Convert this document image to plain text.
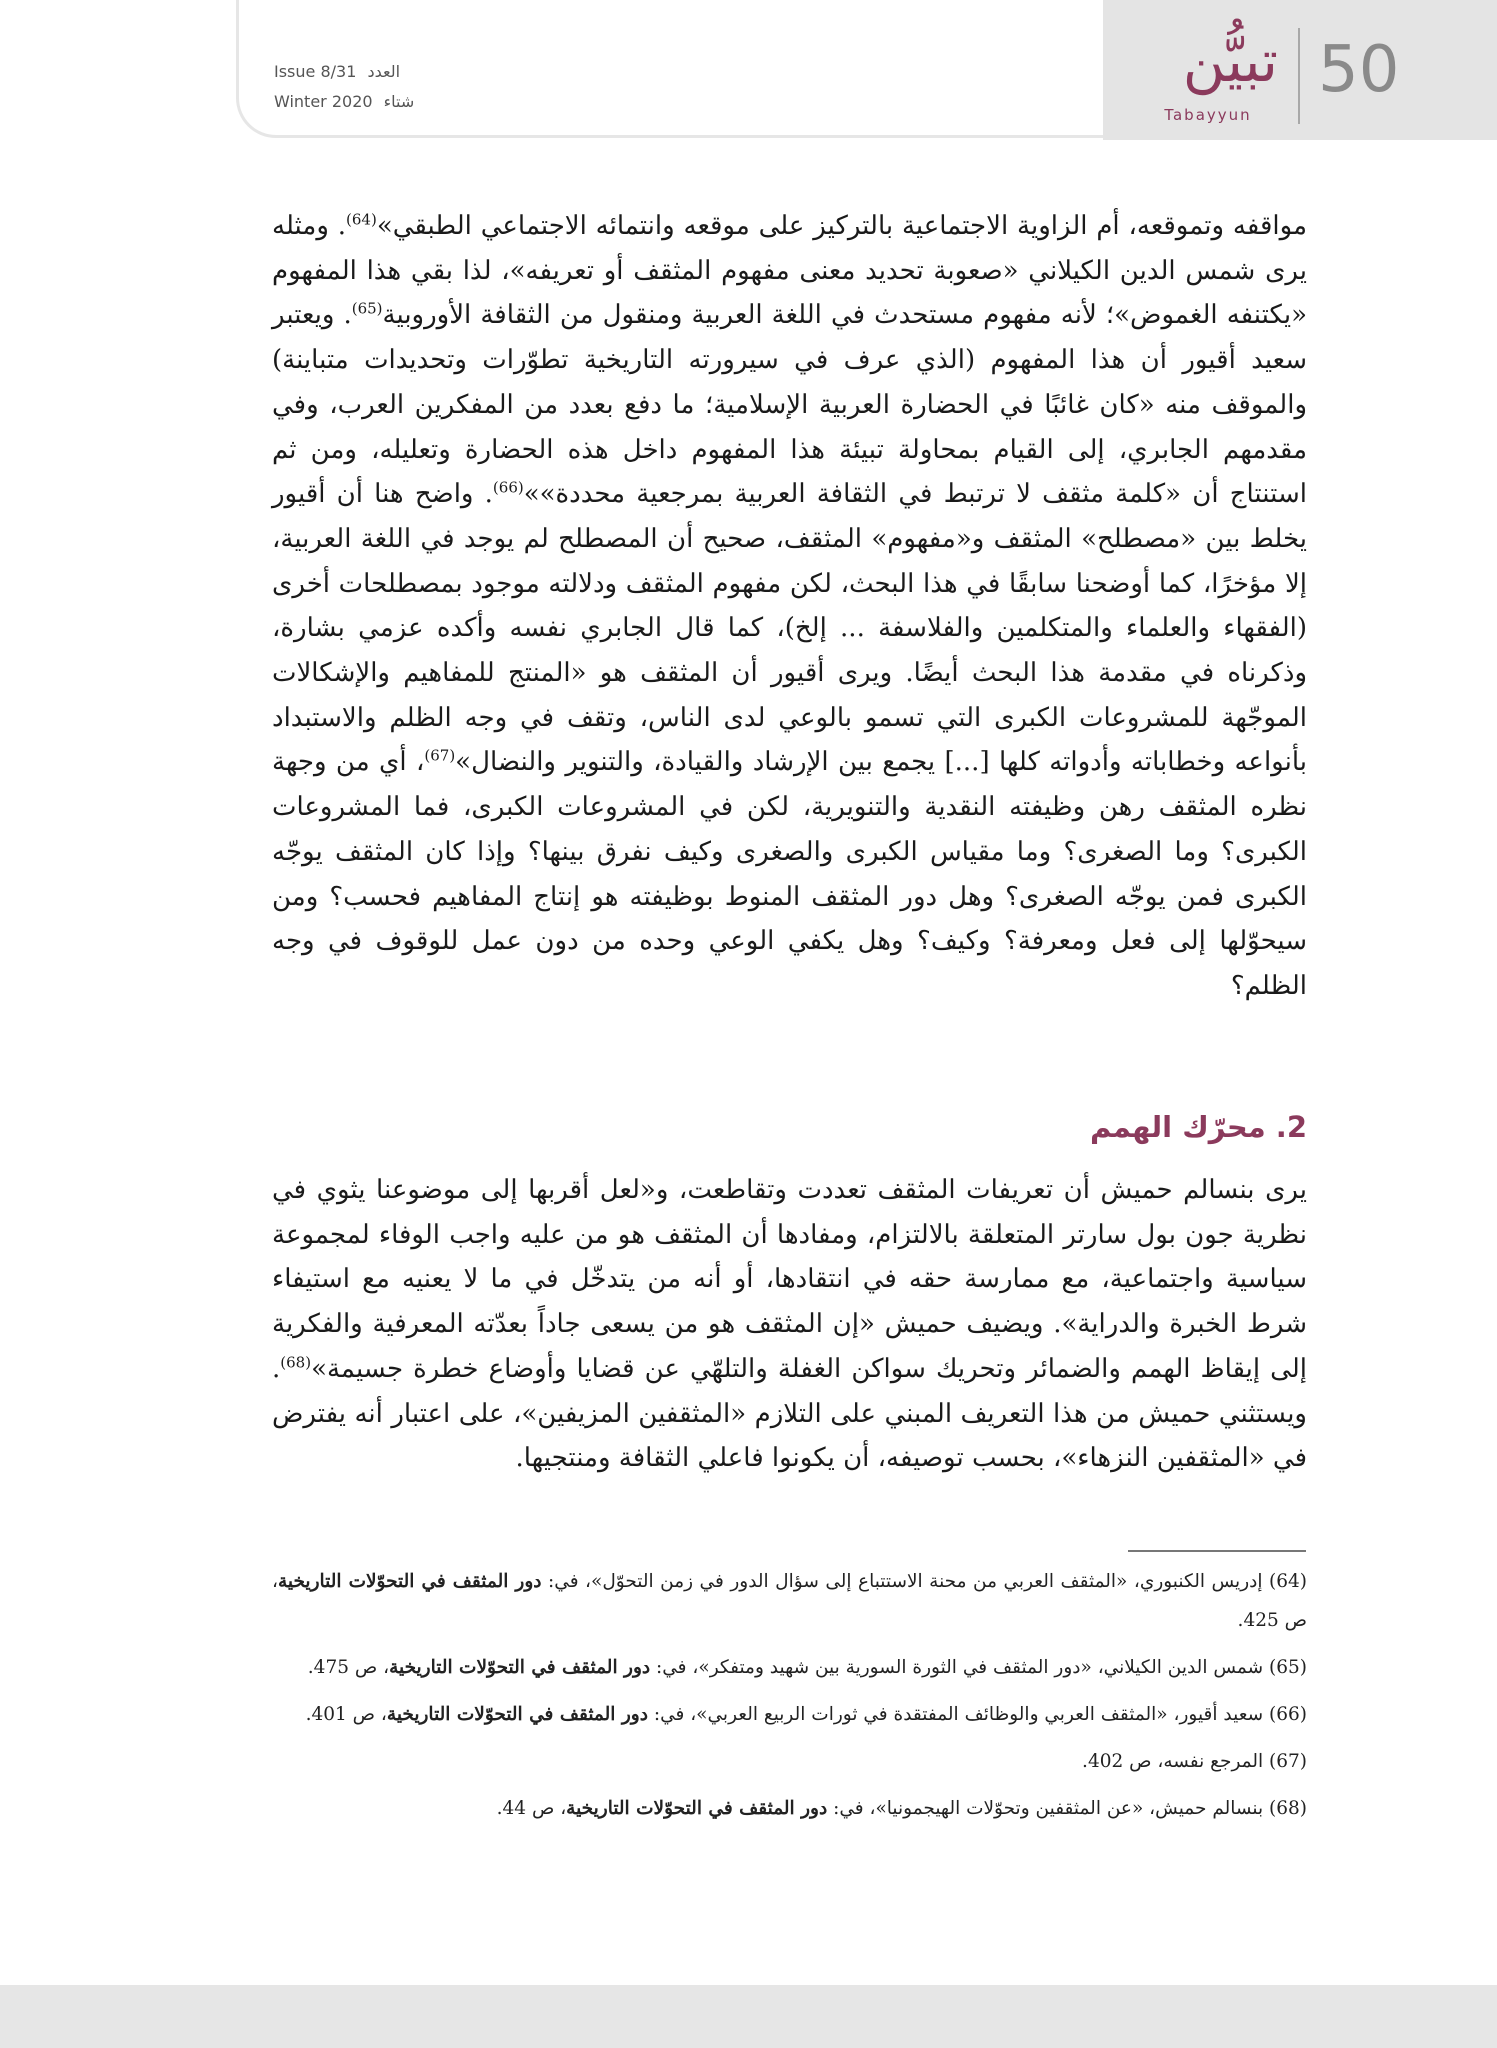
50
تبيُّن
Tabayyun
Issue 8/31 العدد
Winter 2020 شتاء

مواقفه وتموقعه، أم الزاوية الاجتماعية بالتركيز على موقعه وانتمائه الاجتماعي الطبقي»$^{(64)}$. ومثله يرى شمس الدين الكيلاني «صعوبة تحديد معنى مفهوم المثقف أو تعريفه»، لذا بقي هذا المفهوم «يكتنفه الغموض»؛ لأنه مفهوم مستحدث في اللغة العربية ومنقول من الثقافة الأوروبية$^{(65)}$. ويعتبر سعيد أقيور أن هذا المفهوم (الذي عرف في سيرورته التاريخية تطوّرات وتحديدات متباينة) والموقف منه «كان غائبًا في الحضارة العربية الإسلامية؛ ما دفع بعدد من المفكرين العرب، وفي مقدمهم الجابري، إلى القيام بمحاولة تبيئة هذا المفهوم داخل هذه الحضارة وتعليله، ومن ثم استنتاج أن «كلمة مثقف لا ترتبط في الثقافة العربية بمرجعية محددة»»$^{(66)}$. واضح هنا أن أقيور يخلط بين «مصطلح» المثقف و«مفهوم» المثقف، صحيح أن المصطلح لم يوجد في اللغة العربية، إلا مؤخرًا، كما أوضحنا سابقًا في هذا البحث، لكن مفهوم المثقف ودلالته موجود بمصطلحات أخرى (الفقهاء والعلماء والمتكلمين والفلاسفة ... إلخ)، كما قال الجابري نفسه وأكده عزمي بشارة، وذكرناه في مقدمة هذا البحث أيضًا. ويرى أقيور أن المثقف هو «المنتج للمفاهيم والإشكالات الموجّهة للمشروعات الكبرى التي تسمو بالوعي لدى الناس، وتقف في وجه الظلم والاستبداد بأنواعه وخطاباته وأدواته كلها [...] يجمع بين الإرشاد والقيادة، والتنوير والنضال»$^{(67)}$، أي من وجهة نظره المثقف رهن وظيفته النقدية والتنويرية، لكن في المشروعات الكبرى، فما المشروعات الكبرى؟ وما الصغرى؟ وما مقياس الكبرى والصغرى وكيف نفرق بينها؟ وإذا كان المثقف يوجّه الكبرى فمن يوجّه الصغرى؟ وهل دور المثقف المنوط بوظيفته هو إنتاج المفاهيم فحسب؟ ومن سيحوّلها إلى فعل ومعرفة؟ وكيف؟ وهل يكفي الوعي وحده من دون عمل للوقوف في وجه الظلم؟

2. محرّك الهمم

يرى بنسالم حميش أن تعريفات المثقف تعددت وتقاطعت، و«لعل أقربها إلى موضوعنا يثوي في نظرية جون بول سارتر المتعلقة بالالتزام، ومفادها أن المثقف هو من عليه واجب الوفاء لمجموعة سياسية واجتماعية، مع ممارسة حقه في انتقادها، أو أنه من يتدخّل في ما لا يعنيه مع استيفاء شرط الخبرة والدراية». ويضيف حميش «إن المثقف هو من يسعى جاداً بعدّته المعرفية والفكرية إلى إيقاظ الهمم والضمائر وتحريك سواكن الغفلة والتلهّي عن قضايا وأوضاع خطرة جسيمة»$^{(68)}$. ويستثني حميش من هذا التعريف المبني على التلازم «المثقفين المزيفين»، على اعتبار أنه يفترض في «المثقفين النزهاء»، بحسب توصيفه، أن يكونوا فاعلي الثقافة ومنتجيها.

(64) إدريس الكنبوري، «المثقف العربي من محنة الاستتباع إلى سؤال الدور في زمن التحوّل»، في: دور المثقف في التحوّلات التاريخية، ص 425.

(65) شمس الدين الكيلاني، «دور المثقف في الثورة السورية بين شهيد ومتفكر»، في: دور المثقف في التحوّلات التاريخية، ص 475.

(66) سعيد أقيور، «المثقف العربي والوظائف المفتقدة في ثورات الربيع العربي»، في: دور المثقف في التحوّلات التاريخية، ص 401.

(67) المرجع نفسه، ص 402.

(68) بنسالم حميش، «عن المثقفين وتحوّلات الهيجمونيا»، في: دور المثقف في التحوّلات التاريخية، ص 44.
